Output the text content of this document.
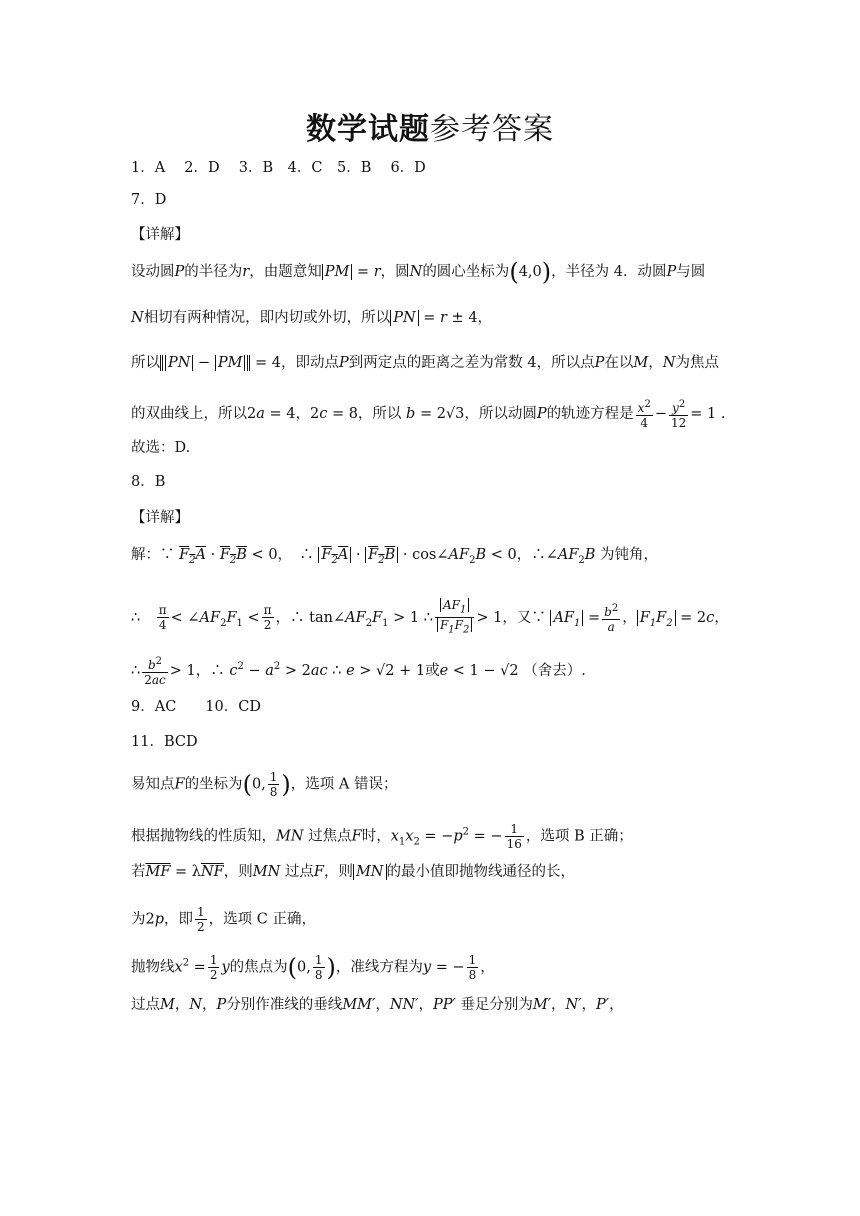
数学试题参考答案
1．A　 2．D　 3．B　4．C　5．B　 6．D
7．D
【详解】
设动圆P的半径为r，由题意知 PM = r，圆N的圆心坐标为(4,0)，半径为 4．动圆P与圆
N相切有两种情况，即内切或外切，所以 PN = r ± 4，
所以 PN − PM = 4，即动点P到两定点的距离之差为常数 4，所以点P在以M，N为焦点
的双曲线上，所以2a = 4，2c = 8，所以 b = 2√3，所以动圆P的轨迹方程是 $\frac{x^2}{4} - \frac{y^2}{12} = 1$ .
故选：D.
8．B
【详解】
解：∵ $F_2A \cdot F_2B < 0$，　∴ $F_2A \cdot F_2B$ · $\cos\angle AF_2B < 0$，$\therefore\angle AF_2B$ 为钝角，
∴　 $\frac{\pi}{4}$ < $\angle AF_2F_1 < \frac{\pi}{2}$ ，∴ $\tan\angle AF_2F_1 > 1$ ∴ $\frac{AF_1}{F_1F_2} > 1$，又∵ $AF_1 = \frac{b^2}{a}$ ， $F_1F_2 = 2c$，
∴ $\frac{b^2}{2ac} > 1$，∴ $c^2 - a^2 > 2ac$ ∴ e > √2 + 1或e < 1 − √2 （舍去）.
9．AC　　10．CD
11．BCD
易知点F的坐标为(0, $\frac{1}{8}$ )，选项 A 错误；
根据抛物线的性质知，MN 过焦点F时，$x_1x_2 = -p^2$ = − $\frac{1}{16}$ ，选项 B 正确；
若$\overline{MF} = \lambda\overline{NF}$，则MN 过点F，则 MN 的最小值即抛物线通径的长，
为2p，即 $\frac{1}{2}$ ，选项 C 正确，
抛物线$x^2 = \frac{1}{2}$ y的焦点为(0, $\frac{1}{8}$ )，准线方程为y = − $\frac{1}{8}$ ，
过点M，N，P分别作准线的垂线MM′，NN′，PP′ 垂足分别为M′，N′，P′，
